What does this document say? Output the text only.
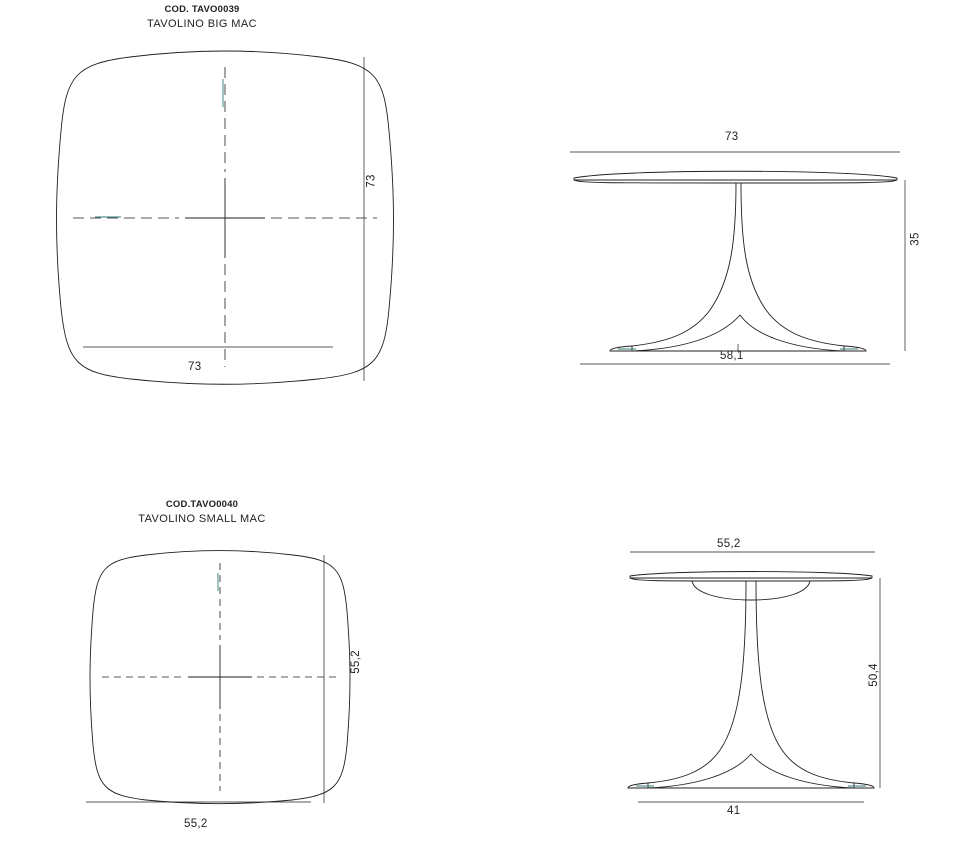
COD. TAVO0039
TAVOLINO BIG MAC
73
73
73
35
58,1
COD.TAVO0040
TAVOLINO SMALL MAC
55,2
55,2
55,2
50,4
41
